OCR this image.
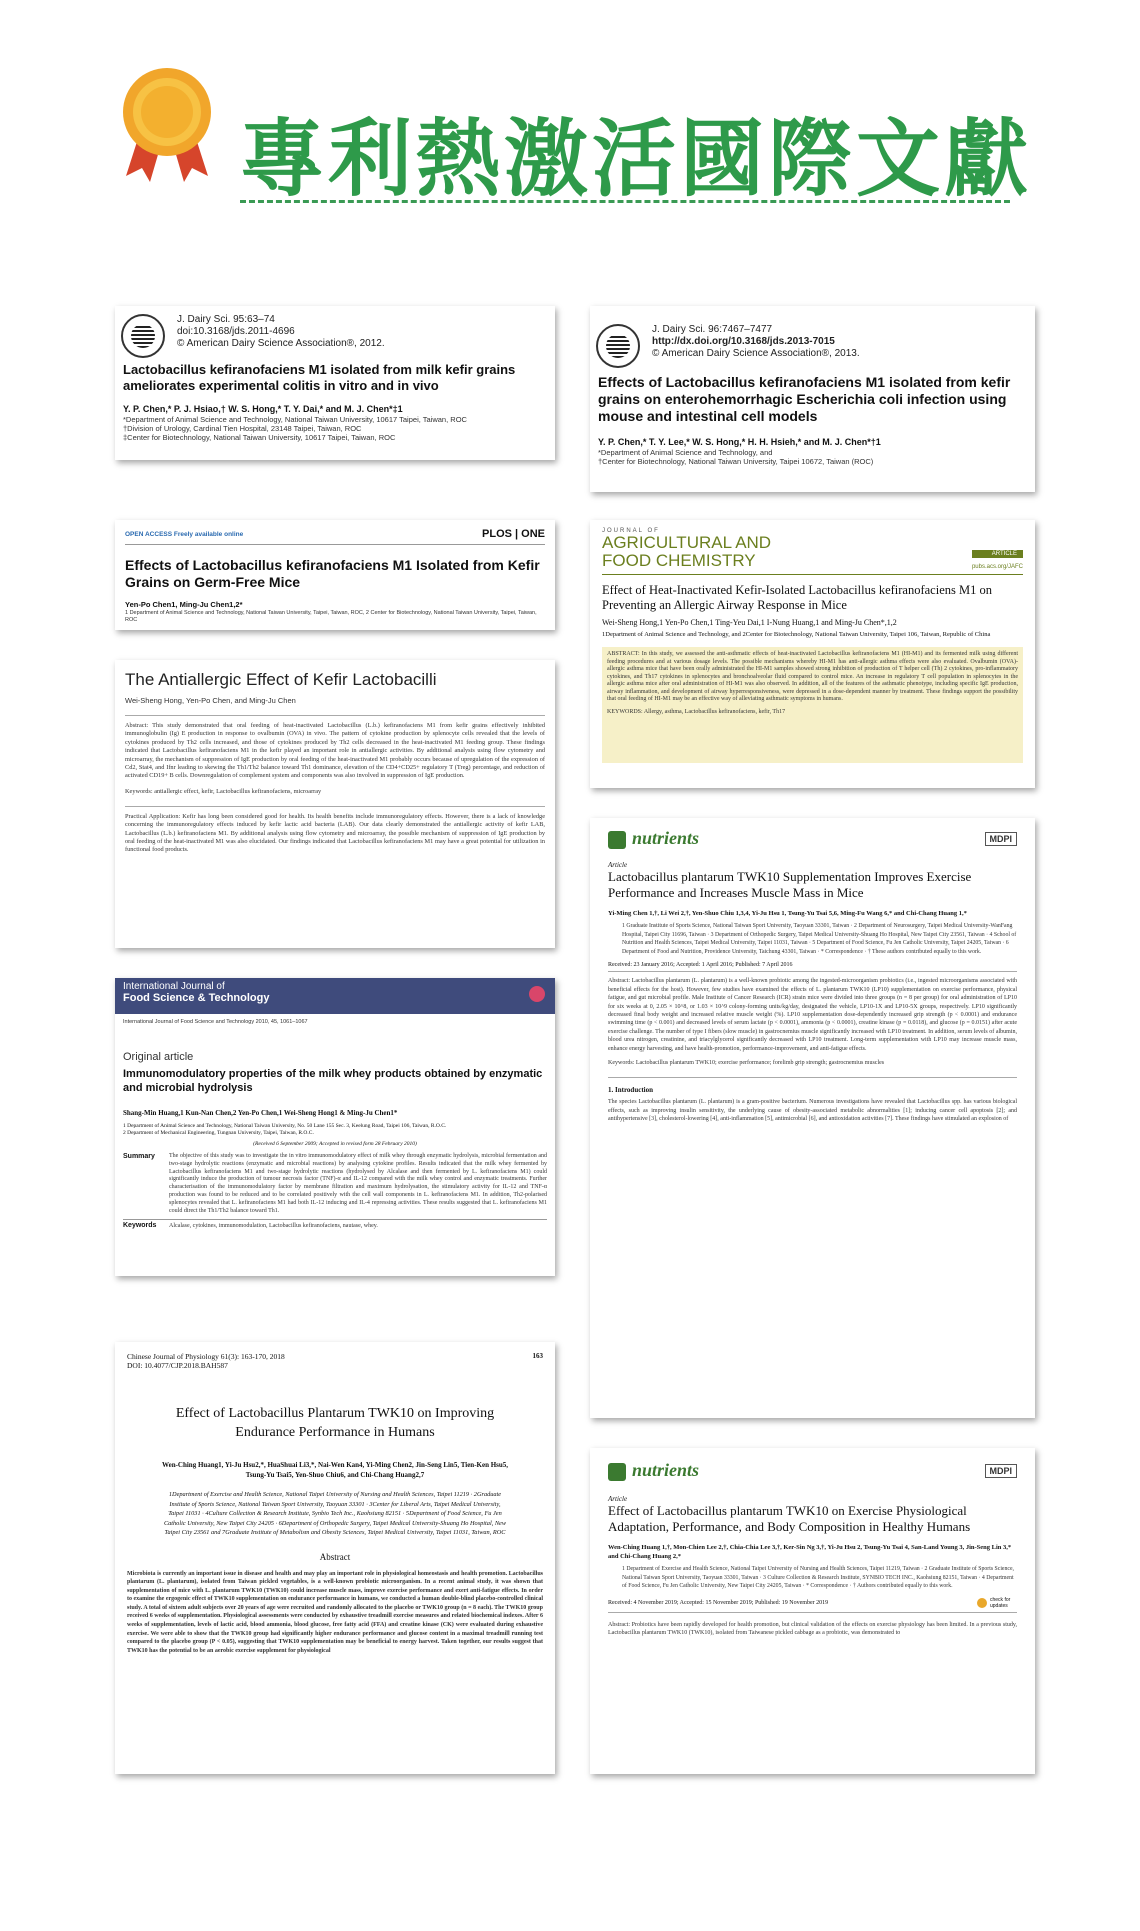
專利熱激活國際文獻
J. Dairy Sci. 95:63–74
doi:10.3168/jds.2011-4696
© American Dairy Science Association®, 2012.
Lactobacillus kefiranofaciens M1 isolated from milk kefir grains ameliorates experimental colitis in vitro and in vivo
Y. P. Chen,* P. J. Hsiao,† W. S. Hong,* T. Y. Dai,* and M. J. Chen*‡1
*Department of Animal Science and Technology, National Taiwan University, 10617 Taipei, Taiwan, ROC
†Division of Urology, Cardinal Tien Hospital, 23148 Taipei, Taiwan, ROC
‡Center for Biotechnology, National Taiwan University, 10617 Taipei, Taiwan, ROC
J. Dairy Sci. 96:7467–7477
http://dx.doi.org/10.3168/jds.2013-7015
© American Dairy Science Association®, 2013.
Effects of Lactobacillus kefiranofaciens M1 isolated from kefir grains on enterohemorrhagic Escherichia coli infection using mouse and intestinal cell models
Y. P. Chen,* T. Y. Lee,* W. S. Hong,* H. H. Hsieh,* and M. J. Chen*†1
*Department of Animal Science and Technology, and
†Center for Biotechnology, National Taiwan University, Taipei 10672, Taiwan (ROC)
OPEN ACCESS Freely available online	PLOS | ONE
Effects of Lactobacillus kefiranofaciens M1 Isolated from Kefir Grains on Germ-Free Mice
Yen-Po Chen1, Ming-Ju Chen1,2*
1 Department of Animal Science and Technology, National Taiwan University, Taipei, Taiwan, ROC, 2 Center for Biotechnology, National Taiwan University, Taipei, Taiwan, ROC
JOURNAL OF
AGRICULTURAL AND FOOD CHEMISTRY	ARTICLE
pubs.acs.org/JAFC
Effect of Heat-Inactivated Kefir-Isolated Lactobacillus kefiranofaciens M1 on Preventing an Allergic Airway Response in Mice
Wei-Sheng Hong,1 Yen-Po Chen,1 Ting-Yeu Dai,1 I-Nung Huang,1 and Ming-Ju Chen*,1,2
1Department of Animal Science and Technology, and 2Center for Biotechnology, National Taiwan University, Taipei 106, Taiwan, Republic of China
ABSTRACT: In this study, we assessed the anti-asthmatic effects of heat-inactivated Lactobacillus kefiranofaciens M1 (HI-M1) and its fermented milk using different feeding procedures and at various dosage levels. The possible mechanisms whereby HI-M1 has anti-allergic asthma effects were also evaluated. Ovalbumin (OVA)-allergic asthma mice that have been orally administrated the HI-M1 samples showed strong inhibition of production of T helper cell (Th) 2 cytokines, pro-inflammatory cytokines, and Th17 cytokines in splenocytes and bronchoalveolar fluid compared to control mice. An increase in regulatory T cell population in splenocytes in the allergic asthma mice after oral administration of HI-M1 was also observed. In addition, all of the features of the asthmatic phenotype, including specific IgE production, airway inflammation, and development of airway hyperresponsiveness, were depressed in a dose-dependent manner by treatment. These findings support the possibility that oral feeding of HI-M1 may be an effective way of alleviating asthmatic symptoms in humans.
KEYWORDS: Allergy, asthma, Lactobacillus kefiranofaciens, kefir, Th17
The Antiallergic Effect of Kefir Lactobacilli
Wei-Sheng Hong, Yen-Po Chen, and Ming-Ju Chen
Abstract: This study demonstrated that oral feeding of heat-inactivated Lactobacillus (L.b.) kefiranofaciens M1 from kefir grains effectively inhibited immunoglobulin (Ig) E production in response to ovalbumin (OVA) in vivo. The pattern of cytokine production by splenocyte cells revealed that the levels of cytokines produced by Th2 cells increased, and those of cytokines produced by Th2 cells decreased in the heat-inactivated M1 feeding group. These findings indicated that Lactobacillus kefiranofaciens M1 in the kefir played an important role in antiallergic activities. By additional analysis using flow cytometry and microarray, the mechanism of suppression of IgE production by oral feeding of the heat-inactivated M1 probably occurs because of upregulation of the expression of Cd2, Stat4, and Ifnr leading to skewing the Th1/Th2 balance toward Th1 dominance, elevation of the CD4+CD25+ regulatory T (Treg) percentage, and reduction of activated CD19+ B cells. Downregulation of complement system and components was also involved in suppression of IgE production.
Keywords: antiallergic effect, kefir, Lactobacillus kefiranofaciens, microarray
Practical Application: Kefir has long been considered good for health. Its health benefits include immunoregulatory effects. However, there is a lack of knowledge concerning the immunoregulatory effects induced by kefir lactic acid bacteria (LAB). Our data clearly demonstrated the antiallergic activity of kefir LAB, Lactobacillus (L.b.) kefiranofaciens M1. By additional analysis using flow cytometry and microarray, the possible mechanism of suppression of IgE production by oral feeding of the heat-inactivated M1 was also elucidated. Our findings indicated that Lactobacillus kefiranofaciens M1 may have a great potential for utilization in functional food products.
International Journal of
Food Science & Technology
International Journal of Food Science and Technology 2010, 45, 1061–1067
Original article
Immunomodulatory properties of the milk whey products obtained by enzymatic and microbial hydrolysis
Shang-Min Huang,1 Kun-Nan Chen,2 Yen-Po Chen,1 Wei-Sheng Hong1 & Ming-Ju Chen1*
1 Department of Animal Science and Technology, National Taiwan University, No. 50 Lane 155 Sec. 3, Keelung Road, Taipei 106, Taiwan, R.O.C.
2 Department of Mechanical Engineering, Tungnan University, Taipei, Taiwan, R.O.C.
(Received 6 September 2009; Accepted in revised form 28 February 2010)
Summary	The objective of this study was to investigate the in vitro immunomodulatory effect of milk whey through enzymatic hydrolysis, microbial fermentation and two-stage hydrolytic reactions (enzymatic and microbial reactions) by analysing cytokine profiles. Results indicated that the milk whey fermented by Lactobacillus kefiranofaciens M1 and two-stage hydrolytic reactions (hydrolysed by Alcalase and then fermented by L. kefiranofaciens M1) could significantly induce the production of tumour necrosis factor (TNF)-α and IL-12 compared with the milk whey control and enzymatic treatments. Further characterisation of the immunomodulatory factor by membrane filtration and maximum hydrolysation, the stimulatory activity for IL-12 and TNF-α production was found to be reduced and to be correlated positively with the cell wall components in L. kefiranofaciens M1. In addition, Th2-polarised splenocytes revealed that L. kefiranofaciens M1 had both IL-12 inducing and IL-4 repressing activities. These results suggested that L. kefiranofaciens M1 could direct the Th1/Th2 balance toward Th1.
Keywords	Alcalase, cytokines, immunomodulation, Lactobacillus kefiranofaciens, nautase, whey.
Chinese Journal of Physiology 61(3): 163-170, 2018
DOI: 10.4077/CJP.2018.BAH587
163
Effect of Lactobacillus Plantarum TWK10 on Improving Endurance Performance in Humans
Wen-Ching Huang1, Yi-Ju Hsu2,*, HuaShuai Li3,*, Nai-Wen Kan4, Yi-Ming Chen2, Jin-Seng Lin5, Tien-Ken Hsu5, Tsung-Yu Tsai5, Yen-Shuo Chiu6, and Chi-Chang Huang2,7
1Department of Exercise and Health Science, National Taipei University of Nursing and Health Sciences, Taipei 11219 · 2Graduate Institute of Sports Science, National Taiwan Sport University, Taoyuan 33301 · 3Center for Liberal Arts, Taipei Medical University, Taipei 11031 · 4Culture Collection & Research Institute, Synbio Tech Inc., Kaohsiung 82151 · 5Department of Food Science, Fu Jen Catholic University, New Taipei City 24205 · 6Department of Orthopedic Surgery, Taipei Medical University-Shuang Ho Hospital, New Taipei City 23561 and 7Graduate Institute of Metabolism and Obesity Sciences, Taipei Medical University, Taipei 11031, Taiwan, ROC
Abstract
Microbiota is currently an important issue in disease and health and may play an important role in physiological homeostasis and health promotion. Lactobacillus plantarum (L. plantarum), isolated from Taiwan pickled vegetables, is a well-known probiotic microorganism. In a recent animal study, it was shown that supplementation of mice with L. plantarum TWK10 (TWK10) could increase muscle mass, improve exercise performance and exert anti-fatigue effects. In order to examine the ergogenic effect of TWK10 supplementation on endurance performance in humans, we conducted a human double-blind placebo-controlled clinical study. A total of sixteen adult subjects over 20 years of age were recruited and randomly allocated to the placebo or TWK10 group (n = 8 each). The TWK10 group received 6 weeks of supplementation. Physiological assessments were conducted by exhaustive treadmill exercise measures and related biochemical indexes. After 6 weeks of supplementation, levels of lactic acid, blood ammonia, blood glucose, free fatty acid (FFA) and creatine kinase (CK) were evaluated during exhaustive exercise. We were able to show that the TWK10 group had significantly higher endurance performance and glucose content in a maximal treadmill running test compared to the placebo group (P < 0.05), suggesting that TWK10 supplementation may be beneficial to energy harvest. Taken together, our results suggest that TWK10 has the potential to be an aerobic exercise supplement for physiological
nutrients	MDPI
Article
Lactobacillus plantarum TWK10 Supplementation Improves Exercise Performance and Increases Muscle Mass in Mice
Yi-Ming Chen 1,†, Li Wei 2,†, Yen-Shuo Chiu 1,3,4, Yi-Ju Hsu 1, Tsung-Yu Tsai 5,6, Ming-Fu Wang 6,* and Chi-Chang Huang 1,*
1 Graduate Institute of Sports Science, National Taiwan Sport University, Taoyuan 33301, Taiwan · 2 Department of Neurosurgery, Taipei Medical University-WanFang Hospital, Taipei City 11696, Taiwan · 3 Department of Orthopedic Surgery, Taipei Medical University-Shuang Ho Hospital, New Taipei City 23561, Taiwan · 4 School of Nutrition and Health Sciences, Taipei Medical University, Taipei 11031, Taiwan · 5 Department of Food Science, Fu Jen Catholic University, Taipei 24205, Taiwan · 6 Department of Food and Nutrition, Providence University, Taichung 43301, Taiwan · * Correspondence · † These authors contributed equally to this work.
Received: 23 January 2016; Accepted: 1 April 2016; Published: 7 April 2016
Abstract: Lactobacillus plantarum (L. plantarum) is a well-known probiotic among the ingested-microorganism probiotics (i.e., ingested microorganisms associated with beneficial effects for the host). However, few studies have examined the effects of L. plantarum TWK10 (LP10) supplementation on exercise performance, physical fatigue, and gut microbial profile. Male Institute of Cancer Research (ICR) strain mice were divided into three groups (n = 8 per group) for oral administration of LP10 for six weeks at 0, 2.05 × 10^8, or 1.03 × 10^9 colony-forming units/kg/day, designated the vehicle, LP10-1X and LP10-5X groups, respectively. LP10 significantly decreased final body weight and increased relative muscle weight (%). LP10 supplementation dose-dependently increased grip strength (p < 0.0001) and endurance swimming time (p < 0.001) and decreased levels of serum lactate (p < 0.0001), ammonia (p < 0.0001), creatine kinase (p = 0.0118), and glucose (p = 0.0151) after acute exercise challenge. The number of type I fibers (slow muscle) in gastrocnemius muscle significantly increased with LP10 treatment. In addition, serum levels of albumin, blood urea nitrogen, creatinine, and triacylglycerol significantly decreased with LP10 treatment. Long-term supplementation with LP10 may increase muscle mass, enhance energy harvesting, and have health-promotion, performance-improvement, and anti-fatigue effects.
Keywords: Lactobacillus plantarum TWK10; exercise performance; forelimb grip strength; gastrocnemius muscles
1. Introduction
The species Lactobacillus plantarum (L. plantarum) is a gram-positive bacterium. Numerous investigations have revealed that Lactobacillus spp. has various biological effects, such as improving insulin sensitivity, the underlying cause of obesity-associated metabolic abnormalities [1]; inducing cancer cell apoptosis [2]; and antihypertensive [3], cholesterol-lowering [4], anti-inflammation [5], antimicrobial [6], and antioxidation activities [7]. These findings have stimulated an explosion of
nutrients	MDPI
Article
Effect of Lactobacillus plantarum TWK10 on Exercise Physiological Adaptation, Performance, and Body Composition in Healthy Humans
Wen-Ching Huang 1,†, Mon-Chien Lee 2,†, Chia-Chia Lee 3,†, Ker-Sin Ng 3,†, Yi-Ju Hsu 2, Tsung-Yu Tsai 4, San-Land Young 3, Jin-Seng Lin 3,* and Chi-Chang Huang 2,*
1 Department of Exercise and Health Science, National Taipei University of Nursing and Health Sciences, Taipei 11219, Taiwan · 2 Graduate Institute of Sports Science, National Taiwan Sport University, Taoyuan 33301, Taiwan · 3 Culture Collection & Research Institute, SYNBIO TECH INC., Kaohsiung 82151, Taiwan · 4 Department of Food Science, Fu Jen Catholic University, New Taipei City 24205, Taiwan · * Correspondence · † Authors contributed equally to this work.
Received: 4 November 2019; Accepted: 15 November 2019; Published: 19 November 2019	check for updates
Abstract: Probiotics have been rapidly developed for health promotion, but clinical validation of the effects on exercise physiology has been limited. In a previous study, Lactobacillus plantarum TWK10 (TWK10), isolated from Taiwanese pickled cabbage as a probiotic, was demonstrated to
